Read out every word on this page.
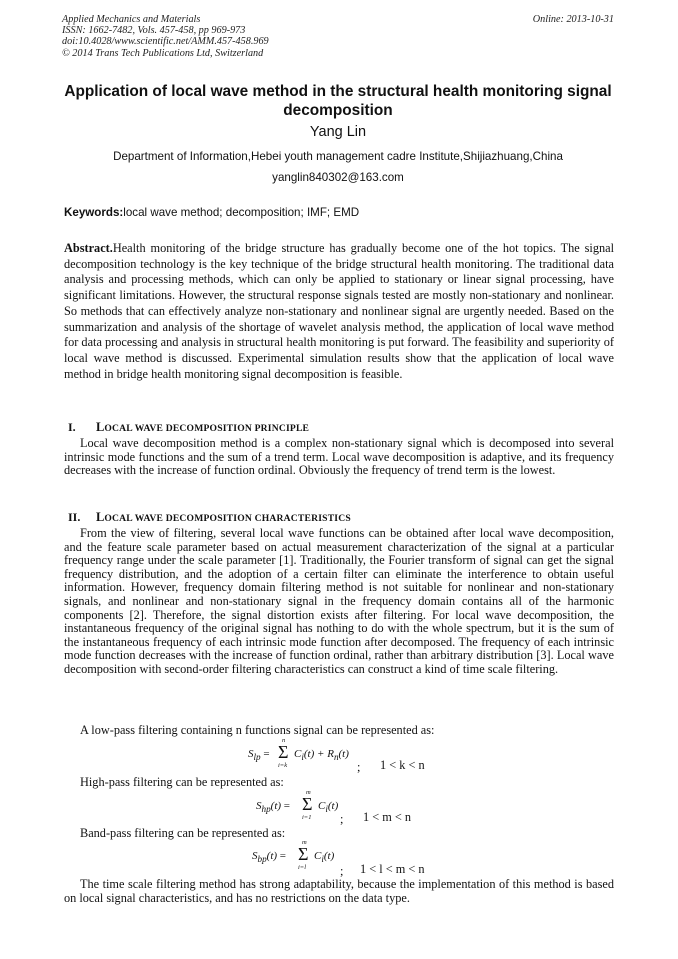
Applied Mechanics and Materials	Online: 2013-10-31
ISSN: 1662-7482, Vols. 457-458, pp 969-973
doi:10.4028/www.scientific.net/AMM.457-458.969
© 2014 Trans Tech Publications Ltd, Switzerland
Application of local wave method in the structural health monitoring signal decomposition
Yang Lin
Department of Information,Hebei youth management cadre Institute,Shijiazhuang,China
yanglin840302@163.com
Keywords:local wave method; decomposition; IMF; EMD
Abstract.Health monitoring of the bridge structure has gradually become one of the hot topics. The signal decomposition technology is the key technique of the bridge structural health monitoring. The traditional data analysis and processing methods, which can only be applied to stationary or linear signal processing, have significant limitations. However, the structural response signals tested are mostly non-stationary and nonlinear. So methods that can effectively analyze non-stationary and nonlinear signal are urgently needed. Based on the summarization and analysis of the shortage of wavelet analysis method, the application of local wave method for data processing and analysis in structural health monitoring is put forward. The feasibility and superiority of local wave method is discussed. Experimental simulation results show that the application of local wave method in bridge health monitoring signal decomposition is feasible.
I. LOCAL WAVE DECOMPOSITION PRINCIPLE
Local wave decomposition method is a complex non-stationary signal which is decomposed into several intrinsic mode functions and the sum of a trend term. Local wave decomposition is adaptive, and its frequency decreases with the increase of function ordinal. Obviously the frequency of trend term is the lowest.
II. LOCAL WAVE DECOMPOSITION CHARACTERISTICS
From the view of filtering, several local wave functions can be obtained after local wave decomposition, and the feature scale parameter based on actual measurement characterization of the signal at a particular frequency range under the scale parameter [1]. Traditionally, the Fourier transform of signal can get the signal frequency distribution, and the adoption of a certain filter can eliminate the interference to obtain useful information. However, frequency domain filtering method is not suitable for nonlinear and non-stationary signals, and nonlinear and non-stationary signal in the frequency domain contains all of the harmonic components [2]. Therefore, the signal distortion exists after filtering. For local wave decomposition, the instantaneous frequency of the original signal has nothing to do with the whole spectrum, but it is the sum of the instantaneous frequency of each intrinsic mode function after decomposed. The frequency of each intrinsic mode function decreases with the increase of function ordinal, rather than arbitrary distribution [3]. Local wave decomposition with second-order filtering characteristics can construct a kind of time scale filtering.
A low-pass filtering containing n functions signal can be represented as:
$S_{lp}$ =
n
Σ
i=k
$C_i(t) + R_n(t)$
; 1 < k < n
High-pass filtering can be represented as:
$S_{hp}(t)$ =
m
Σ
i=1
$C_i(t)$
; 1 < m < n
Band-pass filtering can be represented as:
$S_{bp}(t)$ =
m
Σ
i=l
$C_i(t)$
; 1 < l < m < n
The time scale filtering method has strong adaptability, because the implementation of this method is based on local signal characteristics, and has no restrictions on the data type.
